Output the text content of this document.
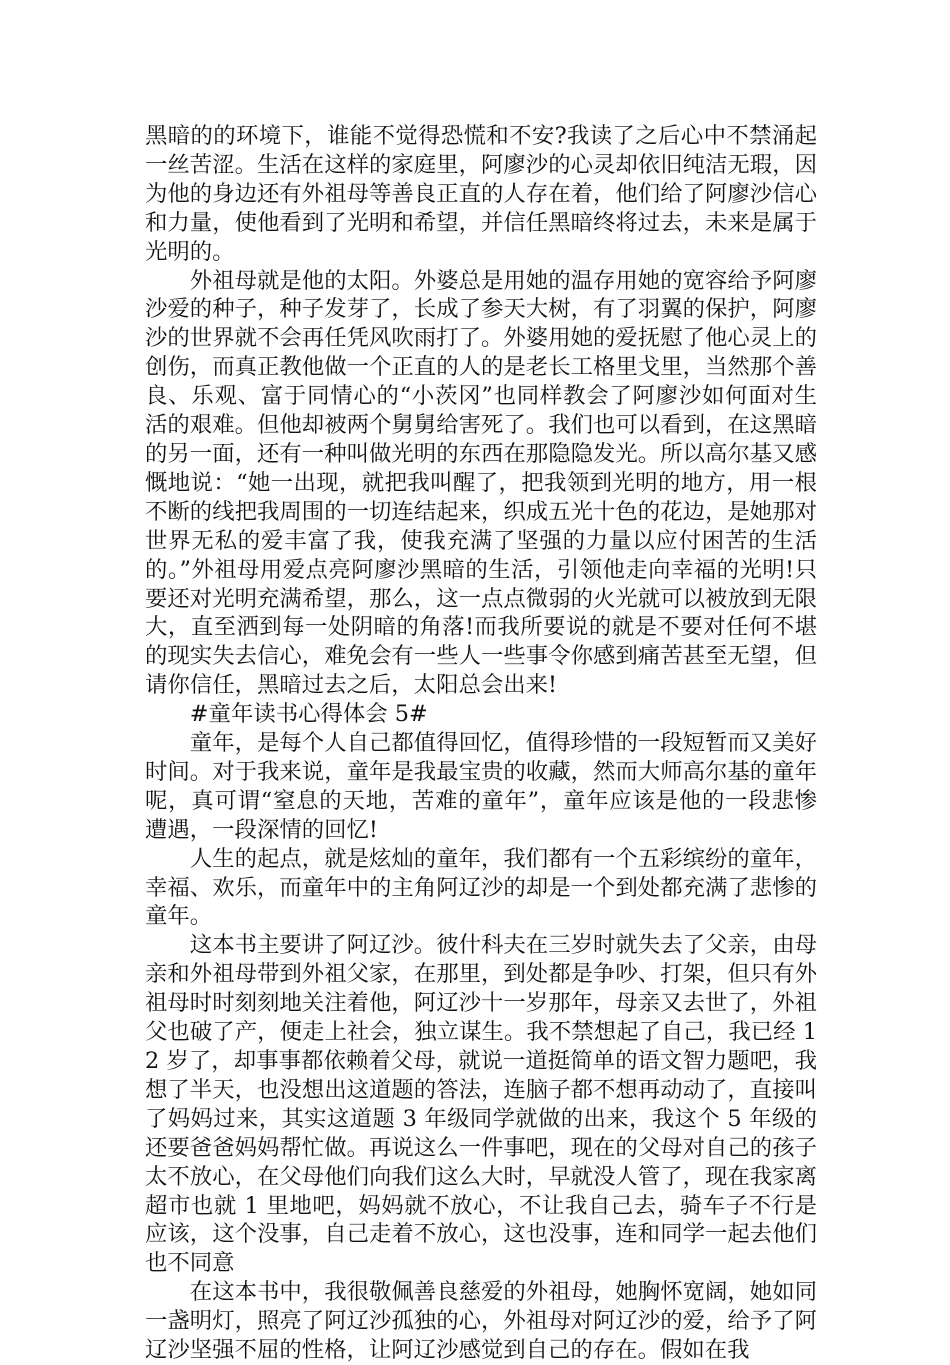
黑暗的的环境下，谁能不觉得恐慌和不安?我读了之后心中不禁涌起一丝苦涩。生活在这样的家庭里，阿廖沙的心灵却依旧纯洁无瑕，因为他的身边还有外祖母等善良正直的人存在着，他们给了阿廖沙信心和力量，使他看到了光明和希望，并信任黑暗终将过去，未来是属于光明的。

外祖母就是他的太阳。外婆总是用她的温存用她的宽容给予阿廖沙爱的种子，种子发芽了，长成了参天大树，有了羽翼的保护，阿廖沙的世界就不会再任凭风吹雨打了。外婆用她的爱抚慰了他心灵上的创伤，而真正教他做一个正直的人的是老长工格里戈里，当然那个善良、乐观、富于同情心的“小茨冈”也同样教会了阿廖沙如何面对生活的艰难。但他却被两个舅舅给害死了。我们也可以看到，在这黑暗的另一面，还有一种叫做光明的东西在那隐隐发光。所以高尔基又感慨地说：“她一出现，就把我叫醒了，把我领到光明的地方，用一根不断的线把我周围的一切连结起来，织成五光十色的花边，是她那对世界无私的爱丰富了我，使我充满了坚强的力量以应付困苦的生活的。”外祖母用爱点亮阿廖沙黑暗的生活，引领他走向幸福的光明!只要还对光明充满希望，那么，这一点点微弱的火光就可以被放到无限大，直至洒到每一处阴暗的角落!而我所要说的就是不要对任何不堪的现实失去信心，难免会有一些人一些事令你感到痛苦甚至无望，但请你信任，黑暗过去之后，太阳总会出来!

#童年读书心得体会 5#

童年，是每个人自己都值得回忆，值得珍惜的一段短暂而又美好时间。对于我来说，童年是我最宝贵的收藏，然而大师高尔基的童年呢，真可谓“窒息的天地，苦难的童年”，童年应该是他的一段悲惨遭遇，一段深情的回忆!

人生的起点，就是炫灿的童年，我们都有一个五彩缤纷的童年，幸福、欢乐，而童年中的主角阿辽沙的却是一个到处都充满了悲惨的童年。

这本书主要讲了阿辽沙。彼什科夫在三岁时就失去了父亲，由母亲和外祖母带到外祖父家，在那里，到处都是争吵、打架，但只有外祖母时时刻刻地关注着他，阿辽沙十一岁那年，母亲又去世了，外祖父也破了产，便走上社会，独立谋生。我不禁想起了自己，我已经 12 岁了，却事事都依赖着父母，就说一道挺简单的语文智力题吧，我想了半天，也没想出这道题的答法，连脑子都不想再动动了，直接叫了妈妈过来，其实这道题 3 年级同学就做的出来，我这个 5 年级的还要爸爸妈妈帮忙做。再说这么一件事吧，现在的父母对自己的孩子太不放心，在父母他们向我们这么大时，早就没人管了，现在我家离超市也就 1 里地吧，妈妈就不放心，不让我自己去，骑车子不行是应该，这个没事，自己走着不放心，这也没事，连和同学一起去他们也不同意

在这本书中，我很敬佩善良慈爱的外祖母，她胸怀宽阔，她如同一盏明灯，照亮了阿辽沙孤独的心，外祖母对阿辽沙的爱，给予了阿辽沙坚强不屈的性格，让阿辽沙感觉到自己的存在。假如在我
